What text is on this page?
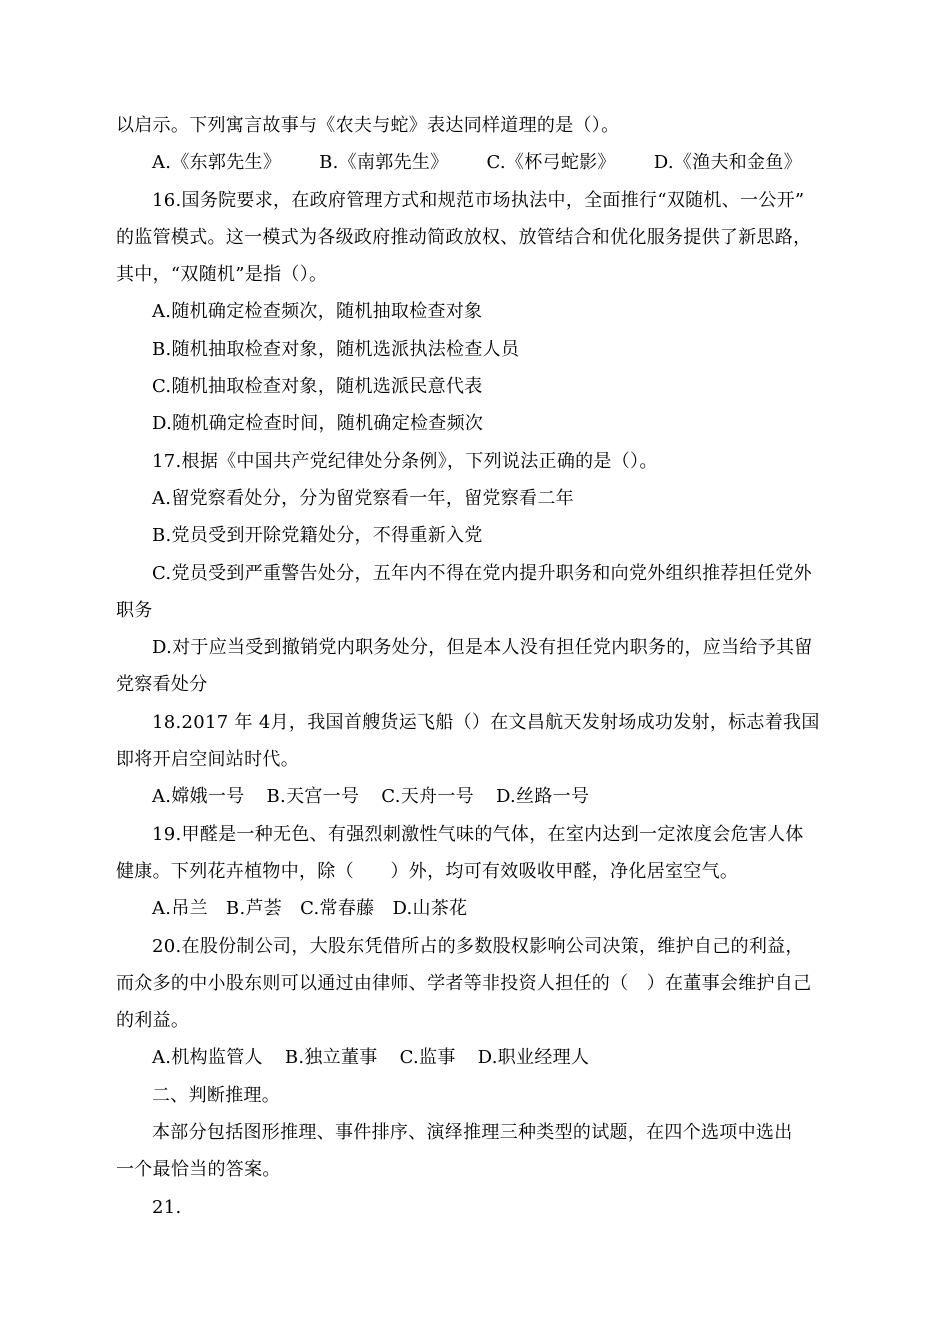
以启示。下列寓言故事与《农夫与蛇》表达同样道理的是（）。
A.《东郭先生》 B.《南郭先生》 C.《杯弓蛇影》 D.《渔夫和金鱼》
16.国务院要求，在政府管理方式和规范市场执法中，全面推行“双随机、一公开”
的监管模式。这一模式为各级政府推动简政放权、放管结合和优化服务提供了新思路，
其中，“双随机”是指（）。
A.随机确定检查频次，随机抽取检查对象
B.随机抽取检查对象，随机选派执法检查人员
C.随机抽取检查对象，随机选派民意代表
D.随机确定检查时间，随机确定检查频次
17.根据《中国共产党纪律处分条例》，下列说法正确的是（）。
A.留党察看处分，分为留党察看一年，留党察看二年
B.党员受到开除党籍处分，不得重新入党
C.党员受到严重警告处分，五年内不得在党内提升职务和向党外组织推荐担任党外
职务
D.对于应当受到撤销党内职务处分，但是本人没有担任党内职务的，应当给予其留
党察看处分
18.2017 年 4月，我国首艘货运飞船（）在文昌航天发射场成功发射，标志着我国
即将开启空间站时代。
A.嫦娥一号 B.天宫一号 C.天舟一号 D.丝路一号
19.甲醛是一种无色、有强烈刺激性气味的气体，在室内达到一定浓度会危害人体
健康。下列花卉植物中，除（　　）外，均可有效吸收甲醛，净化居室空气。
A.吊兰 B.芦荟 C.常春藤 D.山茶花
20.在股份制公司，大股东凭借所占的多数股权影响公司决策，维护自己的利益，
而众多的中小股东则可以通过由律师、学者等非投资人担任的（　）在董事会维护自己
的利益。
A.机构监管人 B.独立董事 C.监事 D.职业经理人
二、判断推理。
本部分包括图形推理、事件排序、演绎推理三种类型的试题，在四个选项中选出
一个最恰当的答案。
21.
